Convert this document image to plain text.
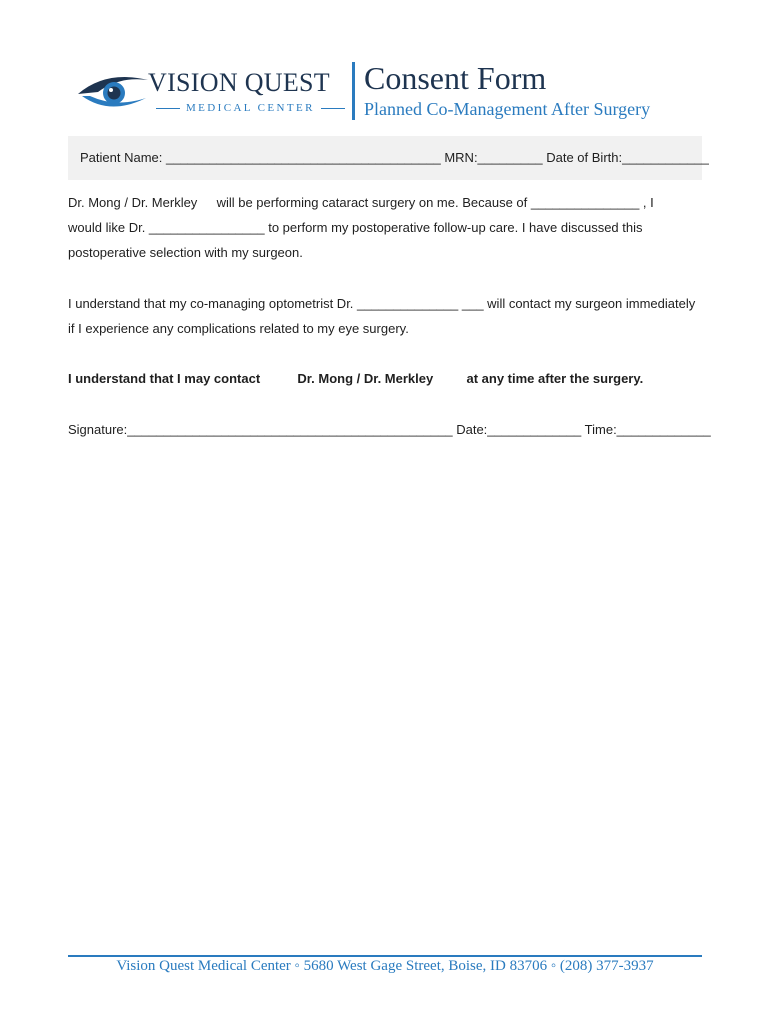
VISION QUEST
MEDICAL CENTER
Consent Form
Planned Co-Management After Surgery
Patient Name: ______________________________________ MRN:_________ Date of Birth:____________
Dr. Mong / Dr. Merkley will be performing cataract surgery on me. Because of _______________ , I
would like Dr. ________________ to perform my postoperative follow-up care. I have discussed this
postoperative selection with my surgeon.
I understand that my co-managing optometrist Dr. ______________ ___ will contact my surgeon immediately
if I experience any complications related to my eye surgery.
I understand that I may contact	Dr. Mong / Dr. Merkley	at any time after the surgery.
Signature:_____________________________________________ Date:_____________ Time:_____________
Vision Quest Medical Center ◦ 5680 West Gage Street, Boise, ID 83706 ◦ (208) 377-3937
